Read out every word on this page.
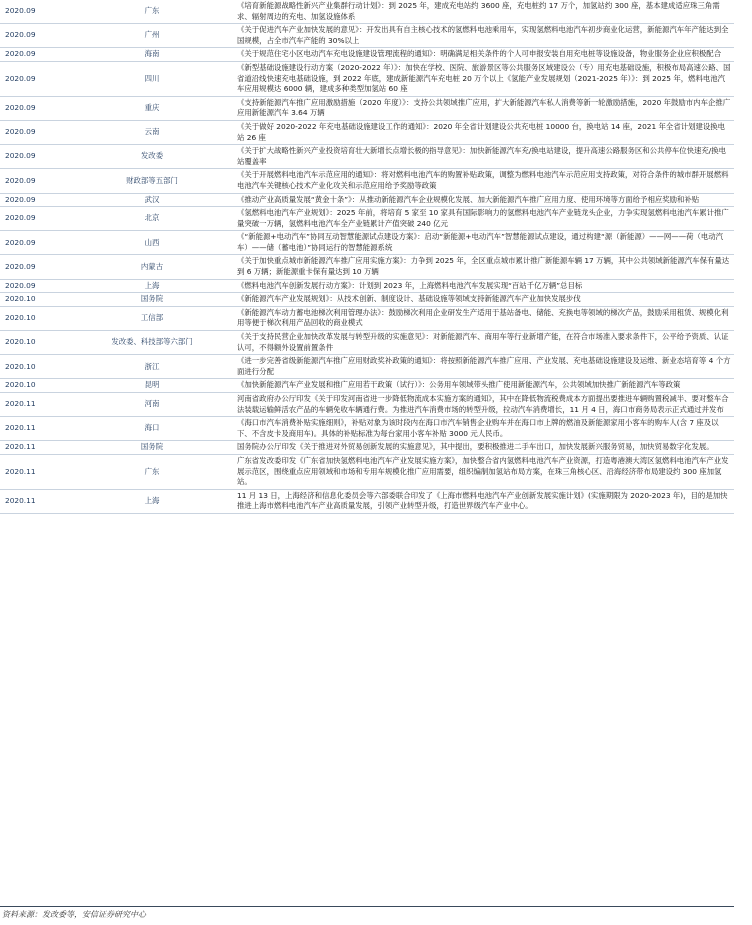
2020.09	广东	《培育新能源战略性新兴产业集群行动计划》：到 2025 年，建成充电站约 3600 座，充电桩约 17 万个，加氢站约 300 座，基本建成适应珠三角需求、辐射周边的充电、加氢设施体系
2020.09	广州	《关于促进汽车产业加快发展的意见》：开发出具有自主核心技术的氢燃料电池乘用车，实现氢燃料电池汽车初步商业化运营，新能源汽车年产能达到全国规模，占全市汽车产能的 30%以上
2020.09	海南	《关于规范住宅小区电动汽车充电设施建设管理流程的通知》：明确满足相关条件的个人可申报安装自用充电桩等设施设备，物业服务企业应积极配合
2020.09	四川	《新型基础设施建设行动方案（2020-2022 年）》：加快在学校、医院、旅游景区等公共服务区域建设公（专）用充电基础设施，积极布局高速公路、国省道沿线快速充电基础设施，到 2022 年底，建成新能源汽车充电桩 20 万个以上《氢能产业发展规划（2021-2025 年）》：到 2025 年，燃料电池汽车应用规模达 6000 辆，建成多种类型加氢站 60 座
2020.09	重庆	《支持新能源汽车推广应用激励措施（2020 年度）》：支持公共领域推广应用，扩大新能源汽车私人消费等新一轮激励措施，2020 年鼓励市内车企推广应用新能源汽车 3.64 万辆
2020.09	云南	《关于做好 2020-2022 年充电基础设施建设工作的通知》：2020 年全省计划建设公共充电桩 10000 台，换电站 14 座，2021 年全省计划建设换电站 26 座
2020.09	发改委	《关于扩大战略性新兴产业投资培育壮大新增长点增长极的指导意见》：加快新能源汽车充/换电站建设，提升高速公路服务区和公共停车位快速充/换电站覆盖率
2020.09	财政部等五部门	《关于开展燃料电池汽车示范应用的通知》：将对燃料电池汽车的购置补贴政策，调整为燃料电池汽车示范应用支持政策，对符合条件的城市群开展燃料电池汽车关键核心技术产业化攻关和示范应用给予奖励等政策
2020.09	武汉	《推动产业高质量发展“黄金十条”》：从推动新能源汽车企业规模化发展、加大新能源汽车推广应用力度、使用环境等方面给予相应奖励和补贴
2020.09	北京	《氢燃料电池汽车产业规划》：2025 年前，将培育 5 家至 10 家具有国际影响力的氢燃料电池汽车产业链龙头企业，力争实现氢燃料电池汽车累计推广量突破一万辆，氢燃料电池汽车全产业链累计产值突破 240 亿元
2020.09	山西	《“新能源+电动汽车”协同互动智慧能源试点建设方案》：启动“新能源+电动汽车”智慧能源试点建设，通过构建“源（新能源）——网——荷（电动汽车）——储（蓄电池）”协同运行的智慧能源系统
2020.09	内蒙古	《关于加快重点城市新能源汽车推广应用实施方案》：力争到 2025 年，全区重点城市累计推广新能源车辆 17 万辆，其中公共领域新能源汽车保有量达到 6 万辆；新能源重卡保有量达到 10 万辆
2020.09	上海	《燃料电池汽车创新发展行动方案》：计划到 2023 年，上海燃料电池汽车发展实现“百站千亿万辆”总目标
2020.10	国务院	《新能源汽车产业发展规划》：从技术创新、制度设计、基础设施等领域支持新能源汽车产业加快发展步伐
2020.10	工信部	《新能源汽车动力蓄电池梯次利用管理办法》：鼓励梯次利用企业研发生产适用于基站备电、储能、充换电等领域的梯次产品，鼓励采用租赁、规模化利用等便于梯次利用产品回收的商业模式
2020.10	发改委、科技部等六部门	《关于支持民营企业加快改革发展与转型升级的实施意见》：对新能源汽车、商用车等行业新增产能，在符合市场准入要求条件下，公平给予资质、认证认可，不得额外设置前置条件
2020.10	浙江	《进一步完善省级新能源汽车推广应用财政奖补政策的通知》：将按照新能源汽车推广应用、产业发展、充电基础设施建设及运维、新业态培育等 4 个方面进行分配
2020.10	昆明	《加快新能源汽车产业发展和推广应用若干政策（试行）》：公务用车领域带头推广使用新能源汽车，公共领域加快推广新能源汽车等政策
2020.11	河南	河南省政府办公厅印发《关于印发河南省进一步降低物流成本实施方案的通知》，其中在降低物流税费成本方面提出要推进车辆购置税减半、要对整车合法装载运输鲜活农产品的车辆免收车辆通行费。为推进汽车消费市场的转型升级，拉动汽车消费增长，11 月 4 日，海口市商务局表示正式通过并发布
2020.11	海口	《海口市汽车消费补贴实施细则》，补贴对象为该时段内在海口市汽车销售企业购车并在海口市上牌的燃油及新能源家用小客车的购车人(含 7 座及以下、不含皮卡及商用车)。具体的补贴标准为每台家用小客车补贴 3000 元人民币。
2020.11	国务院	国务院办公厅印发《关于推进对外贸易创新发展的实施意见》，其中提出，要积极推进二手车出口，加快发展新兴服务贸易，加快贸易数字化发展。
2020.11	广东	广东省发改委印发《广东省加快氢燃料电池汽车产业发展实施方案》，加快整合省内氢燃料电池汽车产业资源，打造粤港澳大湾区氢燃料电池汽车产业发展示范区，围绕重点应用领域和市场和专用车规模化推广应用需要，组织编制加氢站布局方案，在珠三角核心区、沿海经济带布局建设约 300 座加氢站。
2020.11	上海	11 月 13 日，上海经济和信息化委员会等六部委联合印发了《上海市燃料电池汽车产业创新发展实施计划》(实施期限为 2020-2023 年)，目的是加快推进上海市燃料电池汽车产业高质量发展，引领产业转型升级，打造世界级汽车产业中心。
资料来源：发改委等，安信证券研究中心
